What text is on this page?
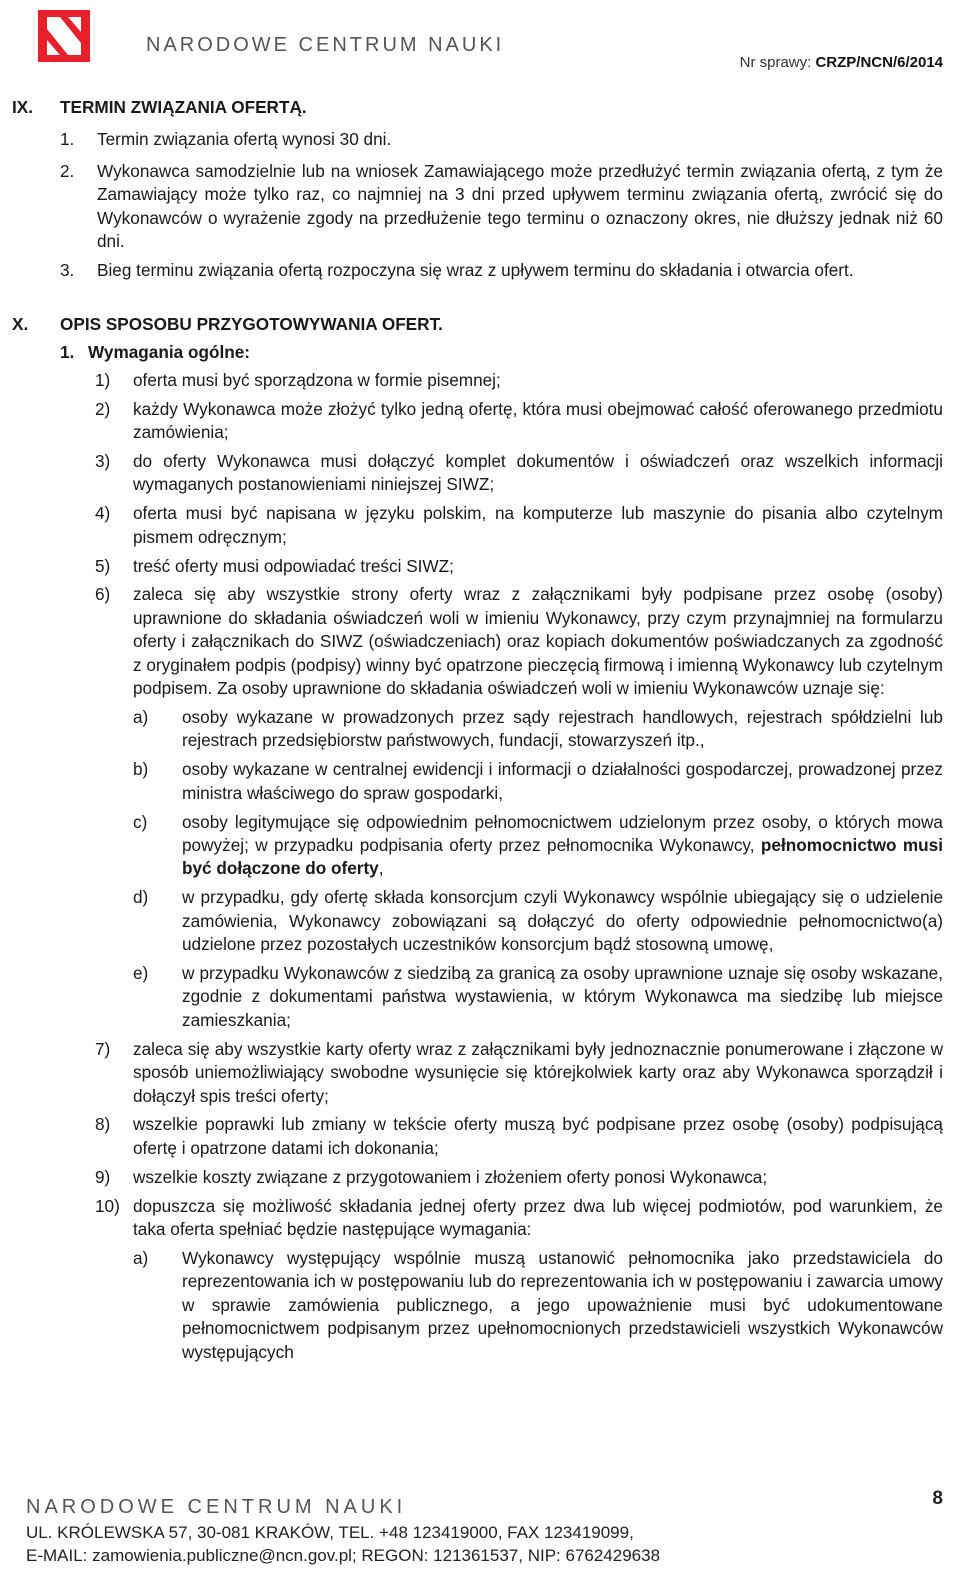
NARODOWE CENTRUM NAUKI
Nr sprawy: CRZP/NCN/6/2014

IX. TERMIN ZWIĄZANIA OFERTĄ.

1. Termin związania ofertą wynosi 30 dni.
2. Wykonawca samodzielnie lub na wniosek Zamawiającego może przedłużyć termin związania ofertą, z tym że Zamawiający może tylko raz, co najmniej na 3 dni przed upływem terminu związania ofertą, zwrócić się do Wykonawców o wyrażenie zgody na przedłużenie tego terminu o oznaczony okres, nie dłuższy jednak niż 60 dni.
3. Bieg terminu związania ofertą rozpoczyna się wraz z upływem terminu do składania i otwarcia ofert.

X. OPIS SPOSOBU PRZYGOTOWYWANIA OFERT.

1. Wymagania ogólne:
1) oferta musi być sporządzona w formie pisemnej;
2) każdy Wykonawca może złożyć tylko jedną ofertę, która musi obejmować całość oferowanego przedmiotu zamówienia;
3) do oferty Wykonawca musi dołączyć komplet dokumentów i oświadczeń oraz wszelkich informacji wymaganych postanowieniami niniejszej SIWZ;
4) oferta musi być napisana w języku polskim, na komputerze lub maszynie do pisania albo czytelnym pismem odręcznym;
5) treść oferty musi odpowiadać treści SIWZ;
6) zaleca się aby wszystkie strony oferty wraz z załącznikami były podpisane przez osobę (osoby) uprawnione do składania oświadczeń woli w imieniu Wykonawcy, przy czym przynajmniej na formularzu oferty i załącznikach do SIWZ (oświadczeniach) oraz kopiach dokumentów poświadczanych za zgodność z oryginałem podpis (podpisy) winny być opatrzone pieczęcią firmową i imienną Wykonawcy lub czytelnym podpisem. Za osoby uprawnione do składania oświadczeń woli w imieniu Wykonawców uznaje się:
a) osoby wykazane w prowadzonych przez sądy rejestrach handlowych, rejestrach spółdzielni lub rejestrach przedsiębiorstw państwowych, fundacji, stowarzyszeń itp.,
b) osoby wykazane w centralnej ewidencji i informacji o działalności gospodarczej, prowadzonej przez ministra właściwego do spraw gospodarki,
c) osoby legitymujące się odpowiednim pełnomocnictwem udzielonym przez osoby, o których mowa powyżej; w przypadku podpisania oferty przez pełnomocnika Wykonawcy, pełnomocnictwo musi być dołączone do oferty,
d) w przypadku, gdy ofertę składa konsorcjum czyli Wykonawcy wspólnie ubiegający się o udzielenie zamówienia, Wykonawcy zobowiązani są dołączyć do oferty odpowiednie pełnomocnictwo(a) udzielone przez pozostałych uczestników konsorcjum bądź stosowną umowę,
e) w przypadku Wykonawców z siedzibą za granicą za osoby uprawnione uznaje się osoby wskazane, zgodnie z dokumentami państwa wystawienia, w którym Wykonawca ma siedzibę lub miejsce zamieszkania;
7) zaleca się aby wszystkie karty oferty wraz z załącznikami były jednoznacznie ponumerowane i złączone w sposób uniemożliwiający swobodne wysunięcie się którejkolwiek karty oraz aby Wykonawca sporządził i dołączył spis treści oferty;
8) wszelkie poprawki lub zmiany w tekście oferty muszą być podpisane przez osobę (osoby) podpisującą ofertę i opatrzone datami ich dokonania;
9) wszelkie koszty związane z przygotowaniem i złożeniem oferty ponosi Wykonawca;
10) dopuszcza się możliwość składania jednej oferty przez dwa lub więcej podmiotów, pod warunkiem, że taka oferta spełniać będzie następujące wymagania:
a) Wykonawcy występujący wspólnie muszą ustanowić pełnomocnika jako przedstawiciela do reprezentowania ich w postępowaniu lub do reprezentowania ich w postępowaniu i zawarcia umowy w sprawie zamówienia publicznego, a jego upoważnienie musi być udokumentowane pełnomocnictwem podpisanym przez upełnomocnionych przedstawicieli wszystkich Wykonawców występujących
NARODOWE CENTRUM NAUKI	8
UL. KRÓLEWSKA 57, 30-081 KRAKÓW, TEL. +48 123419000, FAX 123419099,
E-MAIL: zamowienia.publiczne@ncn.gov.pl; REGON: 121361537, NIP: 6762429638
